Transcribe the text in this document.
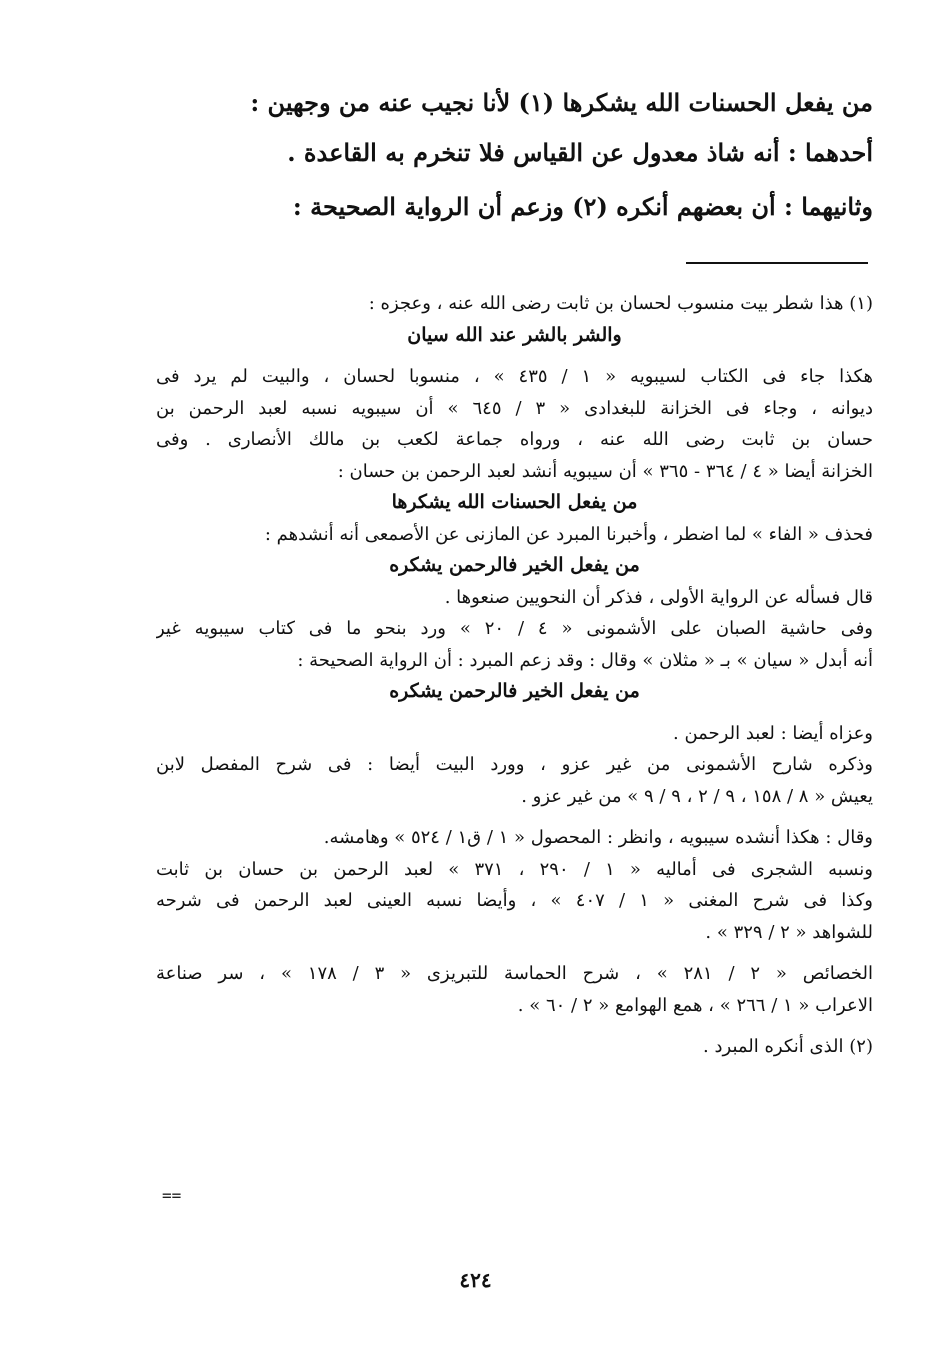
من يفعل الحسنات الله يشكرها (١) لأنا نجيب عنه من وجهين :

أحدهما : أنه شاذ معدول عن القياس فلا تنخرم به القاعدة .

وثانيهما : أن بعضهم أنكره (٢) وزعم أن الرواية الصحيحة :

(١) هذا شطر بيت منسوب لحسان بن ثابت رضى الله عنه ، وعجزه :

والشر بالشر عند الله سيان

هكذا جاء فى الكتاب لسيبويه « ١ / ٤٣٥ » ، منسوبا لحسان ، والبيت لم يرد فى

ديوانه ، وجاء فى الخزانة للبغدادى « ٣ / ٦٤٥ » أن سيبويه نسبه لعبد الرحمن بن

حسان بن ثابت رضى الله عنه ، ورواه جماعة لكعب بن مالك الأنصارى . وفى

الخزانة أيضا « ٤ / ٣٦٤ - ٣٦٥ » أن سيبويه أنشد لعبد الرحمن بن حسان :

من يفعل الحسنات الله يشكرها

فحذف « الفاء » لما اضطر ، وأخبرنا المبرد عن المازنى عن الأصمعى أنه أنشدهم :

من يفعل الخير فالرحمن يشكره

قال فسأله عن الرواية الأولى ، فذكر أن النحويين صنعوها .

وفى حاشية الصبان على الأشمونى « ٤ / ٢٠ » ورد بنحو ما فى كتاب سيبويه غير

أنه أبدل « سيان » بـ « مثلان » وقال : وقد زعم المبرد : أن الرواية الصحيحة :

من يفعل الخير فالرحمن يشكره

وعزاه أيضا : لعبد الرحمن .

وذكره شارح الأشمونى من غير عزو ، وورد البيت أيضا : فى شرح المفصل لابن

يعيش « ٨ / ١٥٨ ، ٩ / ٢ ، ٩ / ٩ » من غير عزو .

وقال : هكذا أنشده سيبويه ، وانظر : المحصول « ١ / ق١ / ٥٢٤ » وهامشه.

ونسبه الشجرى فى أماليه « ١ / ٢٩٠ ، ٣٧١ » لعبد الرحمن بن حسان بن ثابت

وكذا فى شرح المغنى « ١ / ٤٠٧ » ، وأيضا نسبه العينى لعبد الرحمن فى شرحه

للشواهد « ٢ / ٣٢٩ » .

الخصائص « ٢ / ٢٨١ » ، شرح الحماسة للتبريزى « ٣ / ١٧٨ » ، سر صناعة

الاعراب « ١ / ٢٦٦ » ، همع الهوامع « ٢ / ٦٠ » .

(٢) الذى أنكره المبرد .

==
٤٢٤
